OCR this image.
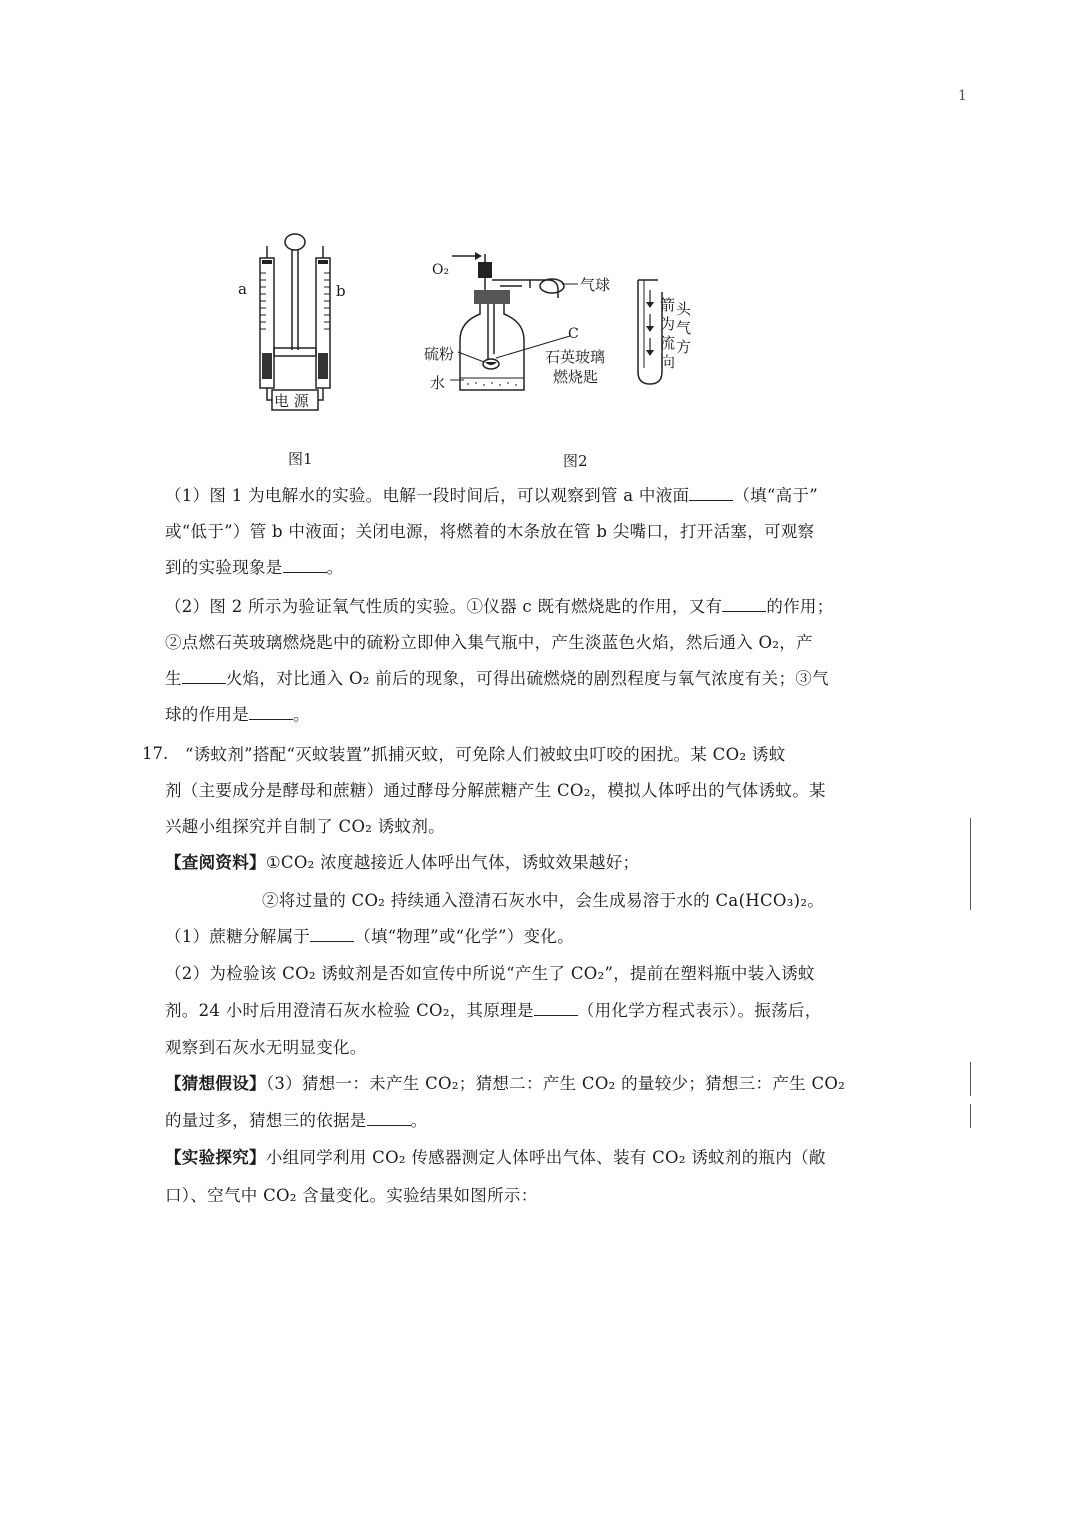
1
电 源
a	b
图1
O₂
气球
C
硫粉
水
石英玻璃
燃烧匙
箭为流向
头气方
图2
（1）图 1 为电解水的实验。电解一段时间后，可以观察到管 a 中液面	（填“高于”
或“低于”）管 b 中液面；关闭电源，将燃着的木条放在管 b 尖嘴口，打开活塞，可观察
到的实验现象是	。
（2）图 2 所示为验证氧气性质的实验。①仪器 c 既有燃烧匙的作用，又有	的作用；
②点燃石英玻璃燃烧匙中的硫粉立即伸入集气瓶中，产生淡蓝色火焰，然后通入 O₂，产
生	火焰，对比通入 O₂ 前后的现象，可得出硫燃烧的剧烈程度与氧气浓度有关；③气
球的作用是	。
17. “诱蚊剂”搭配“灭蚊装置”抓捕灭蚊，可免除人们被蚊虫叮咬的困扰。某 CO₂ 诱蚊
剂（主要成分是酵母和蔗糖）通过酵母分解蔗糖产生 CO₂，模拟人体呼出的气体诱蚊。某
兴趣小组探究并自制了 CO₂ 诱蚊剂。
【查阅资料】①CO₂ 浓度越接近人体呼出气体，诱蚊效果越好；
②将过量的 CO₂ 持续通入澄清石灰水中，会生成易溶于水的 Ca(HCO₃)₂。
（1）蔗糖分解属于	（填“物理”或“化学”）变化。
（2）为检验该 CO₂ 诱蚊剂是否如宣传中所说“产生了 CO₂”，提前在塑料瓶中装入诱蚊
剂。24 小时后用澄清石灰水检验 CO₂，其原理是	（用化学方程式表示）。振荡后，
观察到石灰水无明显变化。
【猜想假设】（3）猜想一：未产生 CO₂；猜想二：产生 CO₂ 的量较少；猜想三：产生 CO₂
的量过多，猜想三的依据是	。
【实验探究】小组同学利用 CO₂ 传感器测定人体呼出气体、装有 CO₂ 诱蚊剂的瓶内（敞
口）、空气中 CO₂ 含量变化。实验结果如图所示：
